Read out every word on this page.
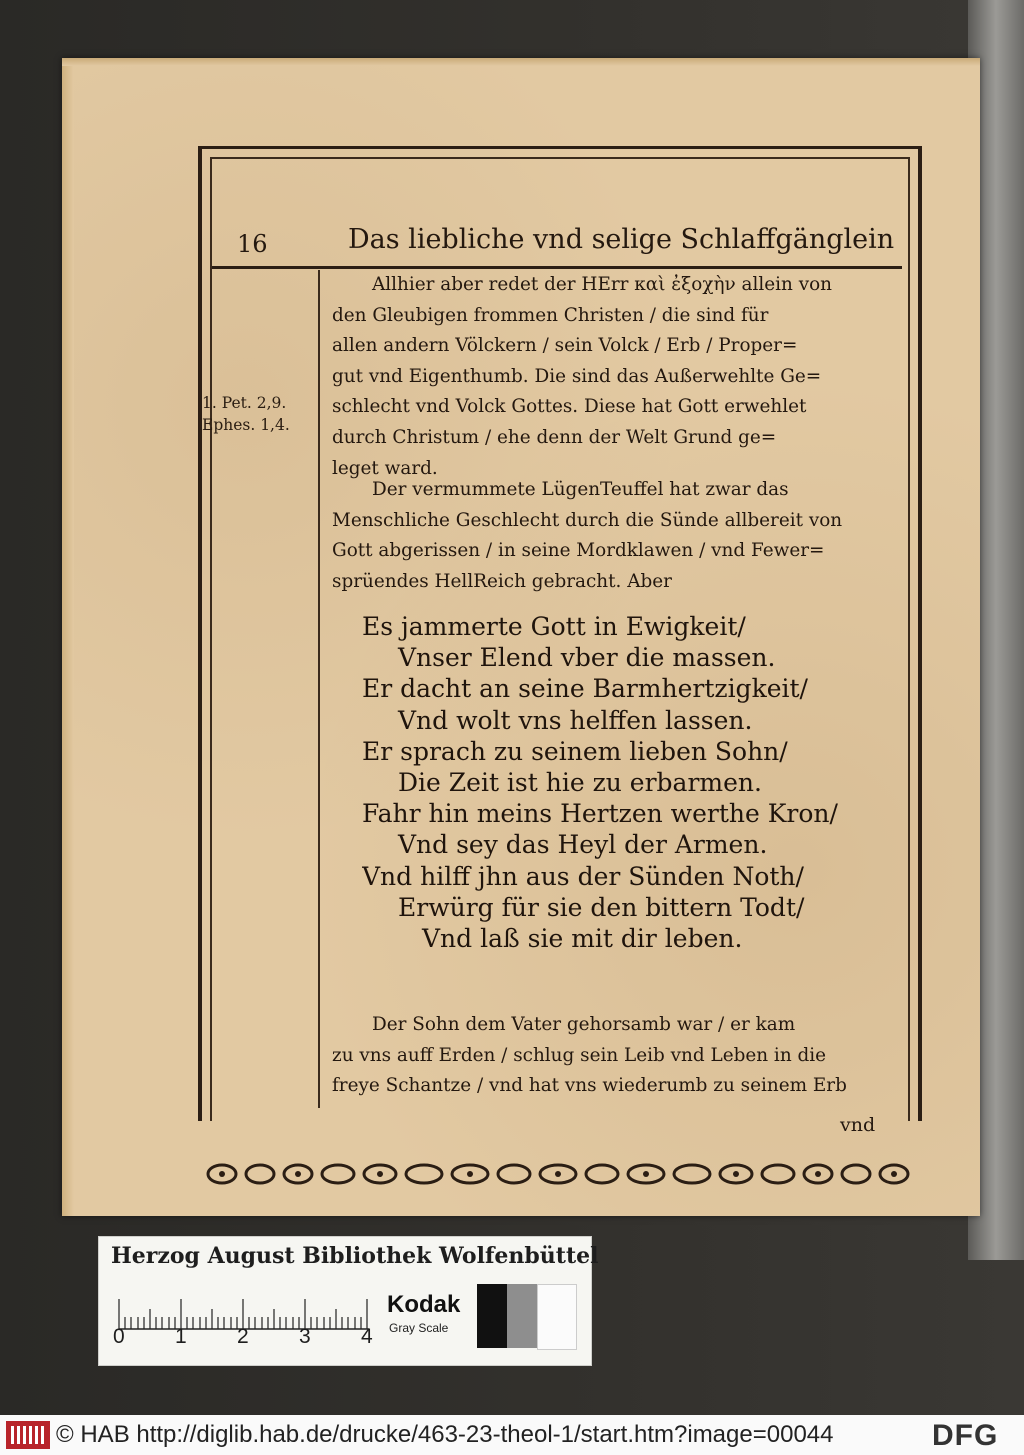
16	Das liebliche vnd selige Schlaffgänglein
1. Pet. 2,9.
Ephes. 1,4.
Allhier aber redet der HErr καὶ ἐξοχὴν allein von
den Gleubigen frommen Christen / die sind für
allen andern Völckern / sein Volck / Erb / Proper=
gut vnd Eigenthumb. Die sind das Außerwehlte Ge=
schlecht vnd Volck Gottes. Diese hat Gott erwehlet
durch Christum / ehe denn der Welt Grund ge=
leget ward.
Der vermummete LügenTeuffel hat zwar das
Menschliche Geschlecht durch die Sünde allbereit von
Gott abgerissen / in seine Mordklawen / vnd Fewer=
sprüendes HellReich gebracht. Aber
Es jammerte Gott in Ewigkeit/
Vnser Elend vber die massen.
Er dacht an seine Barmhertzigkeit/
Vnd wolt vns helffen lassen.
Er sprach zu seinem lieben Sohn/
Die Zeit ist hie zu erbarmen.
Fahr hin meins Hertzen werthe Kron/
Vnd sey das Heyl der Armen.
Vnd hilff jhn aus der Sünden Noth/
Erwürg für sie den bittern Todt/
Vnd laß sie mit dir leben.
Der Sohn dem Vater gehorsamb war / er kam
zu vns auff Erden / schlug sein Leib vnd Leben in die
freye Schantze / vnd hat vns wiederumb zu seinem Erb
vnd
Herzog August Bibliothek Wolfenbüttel
0 1 2 3 4
Kodak
Gray Scale
© HAB http://diglib.hab.de/drucke/463-23-theol-1/start.htm?image=00044	DFG
